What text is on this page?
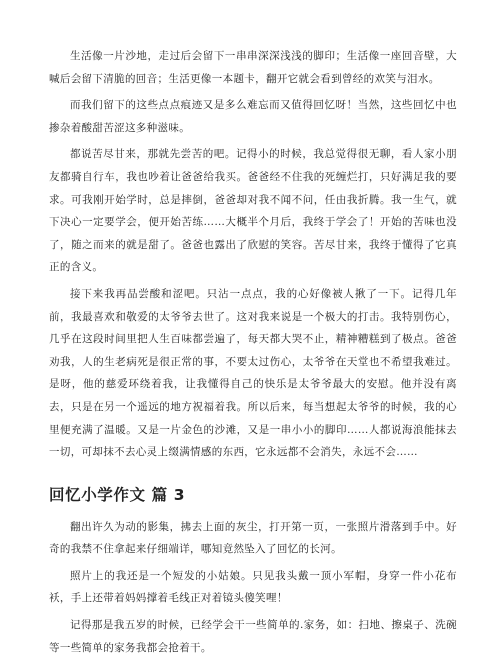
生活像一片沙地，走过后会留下一串串深深浅浅的脚印；生活像一座回音壁，大喊后会留下清脆的回音；生活更像一本题卡，翻开它就会看到曾经的欢笑与泪水。

而我们留下的这些点点痕迹又是多么难忘而又值得回忆呀！当然，这些回忆中也掺杂着酸甜苦涩这多种滋味。

都说苦尽甘来，那就先尝苦的吧。记得小的时候，我总觉得很无聊，看人家小朋友都骑自行车，我也吵着让爸爸给我买。爸爸经不住我的死缠烂打，只好满足我的要求。可我刚开始学时，总是摔倒，爸爸却对我不闻不问，任由我折腾。我一生气，就下决心一定要学会，便开始苦练……大概半个月后，我终于学会了！开始的苦味也没了，随之而来的就是甜了。爸爸也露出了欣慰的笑容。苦尽甘来，我终于懂得了它真正的含义。

接下来我再品尝酸和涩吧。只沾一点点，我的心好像被人揪了一下。记得几年前，我最喜欢和敬爱的太爷爷去世了。这对我来说是一个极大的打击。我特别伤心，几乎在这段时间里把人生百味都尝遍了，每天都大哭不止，精神糟糕到了极点。爸爸劝我，人的生老病死是很正常的事，不要太过伤心，太爷爷在天堂也不希望我难过。是呀，他的慈爱环绕着我，让我懂得自己的快乐是太爷爷最大的安慰。他并没有离去，只是在另一个遥远的地方祝福着我。所以后来，每当想起太爷爷的时候，我的心里便充满了温暖。又是一片金色的沙滩，又是一串小小的脚印……人都说海浪能抹去一切，可却抹不去心灵上缀满情感的东西，它永远都不会消失，永远不会……

回忆小学作文 篇 3

翻出许久为动的影集，拂去上面的灰尘，打开第一页，一张照片滑落到手中。好奇的我禁不住拿起来仔细端详，哪知竟然坠入了回忆的长河。

照片上的我还是一个短发的小姑娘。只见我头戴一顶小军帽，身穿一件小花布袄，手上还带着妈妈撑着毛线正对着镜头傻笑哩！

记得那是我五岁的时候，已经学会干一些简单的.家务，如：扫地、擦桌子、洗碗等一些简单的家务我都会抢着干。
